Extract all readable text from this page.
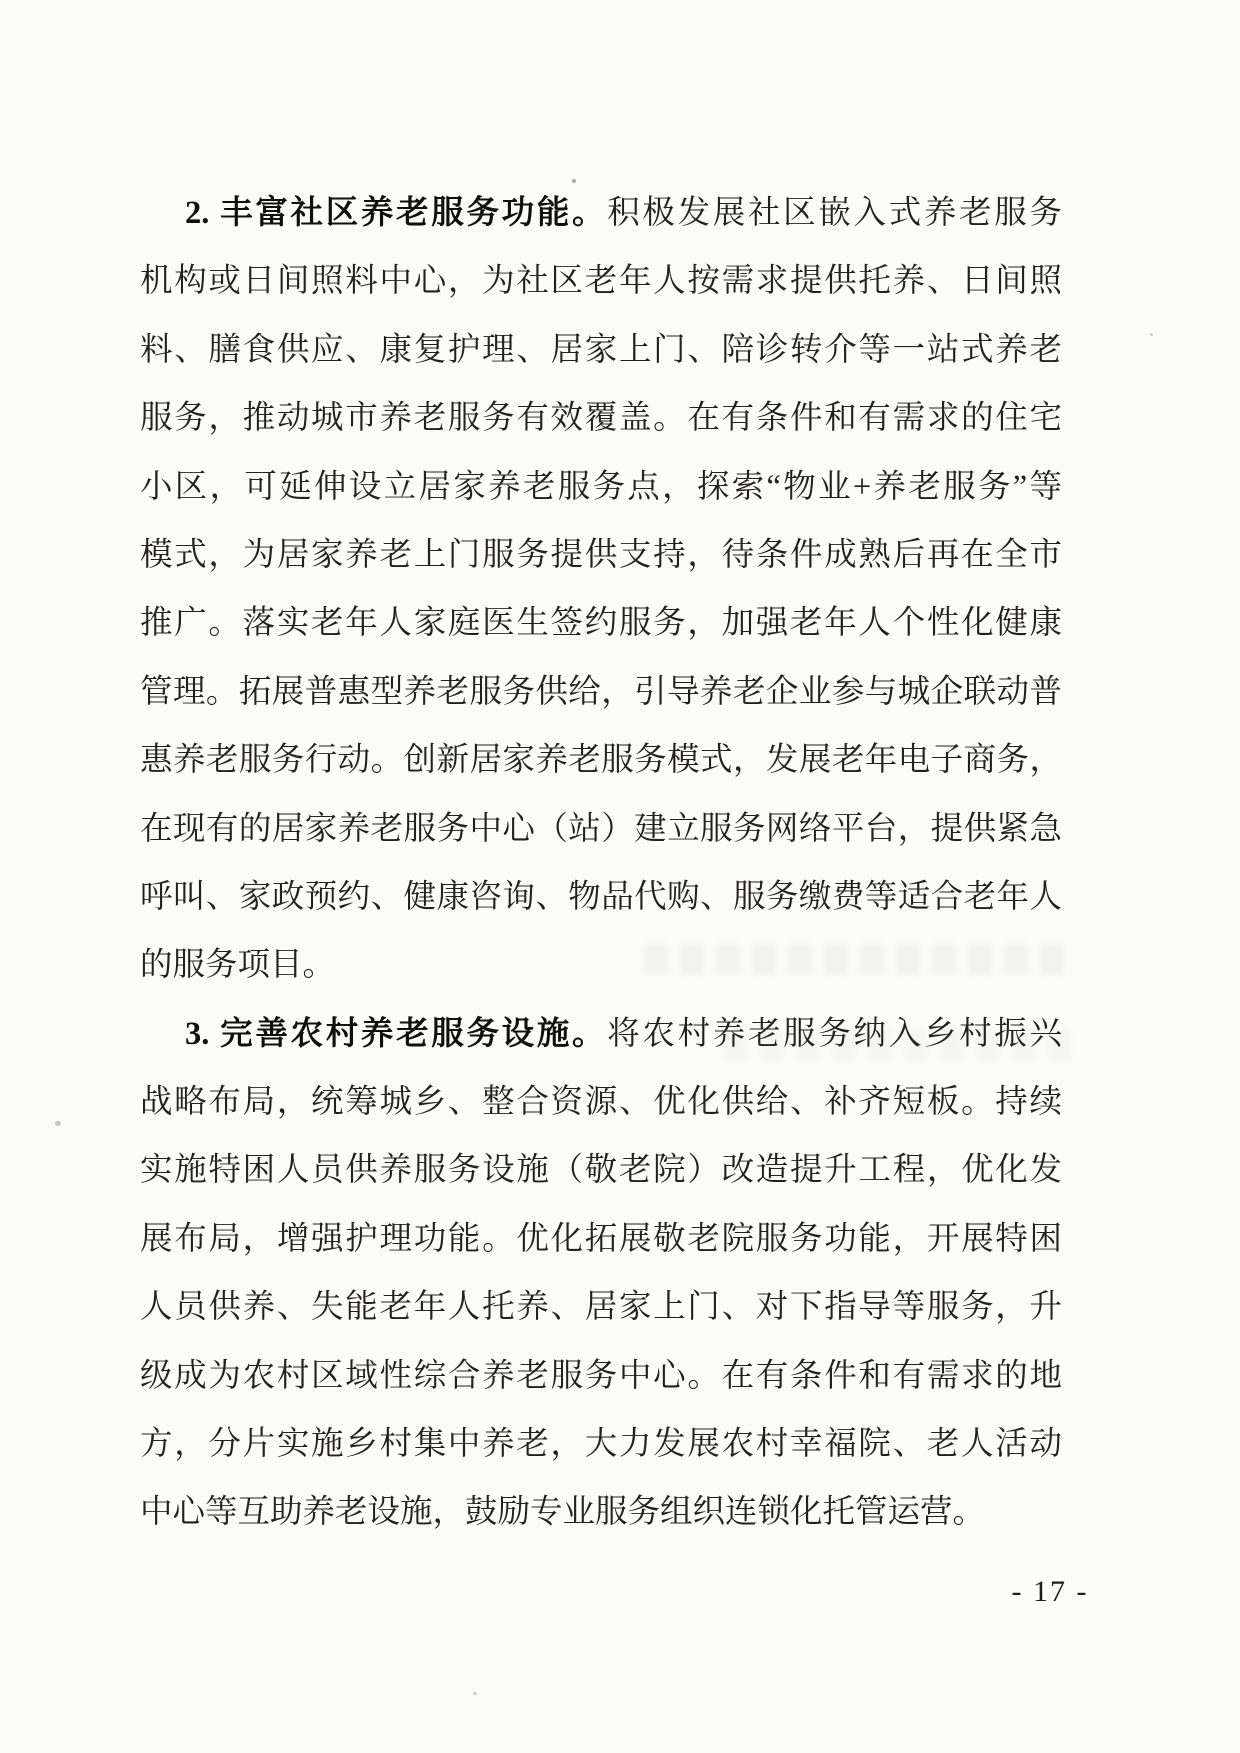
2. 丰富社区养老服务功能。积极发展社区嵌入式养老服务
机构或日间照料中心，为社区老年人按需求提供托养、日间照
料、膳食供应、康复护理、居家上门、陪诊转介等一站式养老
服务，推动城市养老服务有效覆盖。在有条件和有需求的住宅
小区，可延伸设立居家养老服务点，探索“物业+养老服务”等
模式，为居家养老上门服务提供支持，待条件成熟后再在全市
推广。落实老年人家庭医生签约服务，加强老年人个性化健康
管理。拓展普惠型养老服务供给，引导养老企业参与城企联动普
惠养老服务行动。创新居家养老服务模式，发展老年电子商务，
在现有的居家养老服务中心（站）建立服务网络平台，提供紧急
呼叫、家政预约、健康咨询、物品代购、服务缴费等适合老年人
的服务项目。
3. 完善农村养老服务设施。将农村养老服务纳入乡村振兴
战略布局，统筹城乡、整合资源、优化供给、补齐短板。持续
实施特困人员供养服务设施（敬老院）改造提升工程，优化发
展布局，增强护理功能。优化拓展敬老院服务功能，开展特困
人员供养、失能老年人托养、居家上门、对下指导等服务，升
级成为农村区域性综合养老服务中心。在有条件和有需求的地
方，分片实施乡村集中养老，大力发展农村幸福院、老人活动
中心等互助养老设施，鼓励专业服务组织连锁化托管运营。
- 17 -
